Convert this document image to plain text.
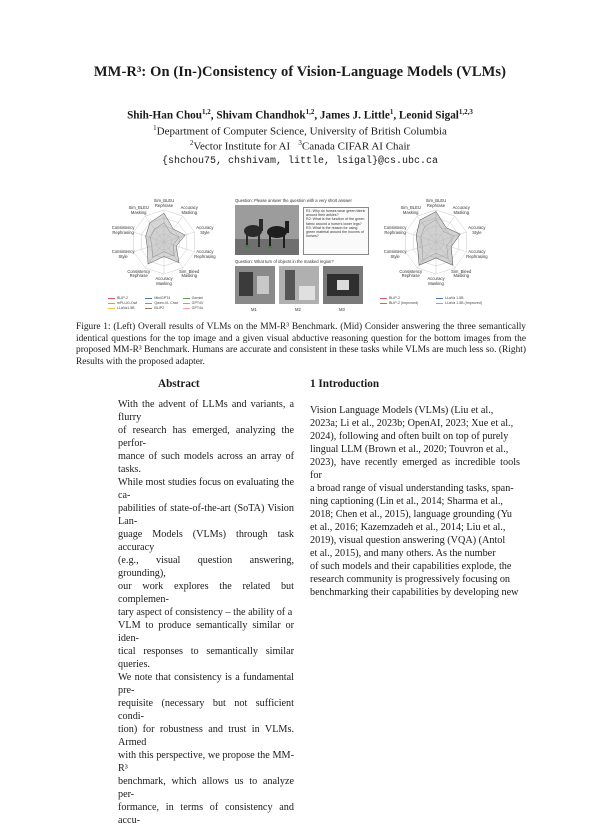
MM-R³: On (In-)Consistency of Vision-Language Models (VLMs)
Shih-Han Chou$^{1,2}$, Shivam Chandhok$^{1,2}$, James J. Little$^1$, Leonid Sigal$^{1,2,3}$
$^1$Department of Computer Science, University of British Columbia
$^2$Vector Institute for AI $^3$Canada CIFAR AI Chair
{shchou75, chshivam, little, lsigal}@cs.ubc.ca
Sim_BLEU
Rephrase
Accuracy
Masking
Accuracy
Style
Accuracy
Rephrasing
Sim_Bleed
Masking
Accuracy
Masking
Consistency
Rephrase
Consistency
Style
Consistency
Rephrasing
Sim_BLEU
Masking
BLIP-2	MiniGPT4	Gemini
mPLUG-Owl	Qwen-VL Chat	GPT4V
LLaVa1.5B	BLIP2	GPT4o
Question: Please answer the question with a very short answer
R1: Why do horses wear green fabric around their ankles?
R2: What is the function of the green fabric around a horse's lower legs?
R3: What is the reason for using green material around the hooves of horses?
Question: What turn of objects in the masked region?
M1	M2	M3
Sim_BLEU
Rephrase
Accuracy
Masking
Accuracy
Style
Accuracy
Rephrasing
Sim_Bleed
Masking
Accuracy
Masking
Consistency
Rephrase
Consistency
Style
Consistency
Rephrasing
Sim_BLEU
Masking
BLIP-2	LLaVa 1.5B
BLIP-2 (Improved)	LLaVa 1.5B (Improved)
Figure 1: (Left) Overall results of VLMs on the MM-R³ Benchmark. (Mid) Consider answering the three semantically identical questions for the top image and a given visual abductive reasoning question for the bottom images from the proposed MM-R³ Benchmark. Humans are accurate and consistent in these tasks while VLMs are much less so. (Right) Results with the proposed adapter.
Abstract
With the advent of LLMs and variants, a flurry
of research has emerged, analyzing the perfor-
mance of such models across an array of tasks.
While most studies focus on evaluating the ca-
pabilities of state-of-the-art (SoTA) Vision Lan-
guage Models (VLMs) through task accuracy
(e.g., visual question answering, grounding),
our work explores the related but complemen-
tary aspect of consistency – the ability of a
VLM to produce semantically similar or iden-
tical responses to semantically similar queries.
We note that consistency is a fundamental pre-
requisite (necessary but not sufficient condi-
tion) for robustness and trust in VLMs. Armed
with this perspective, we propose the MM-R³
benchmark, which allows us to analyze per-
formance, in terms of consistency and accu-
1 Introduction
Vision Language Models (VLMs) (Liu et al.,
2023a; Li et al., 2023b; OpenAI, 2023; Xue et al.,
2024), following and often built on top of purely
lingual LLM (Brown et al., 2020; Touvron et al.,
2023), have recently emerged as incredible tools for
a broad range of visual understanding tasks, span-
ning captioning (Lin et al., 2014; Sharma et al.,
2018; Chen et al., 2015), language grounding (Yu
et al., 2016; Kazemzadeh et al., 2014; Liu et al.,
2019), visual question answering (VQA) (Antol
et al., 2015), and many others. As the number
of such models and their capabilities explode, the
research community is progressively focusing on
benchmarking their capabilities by developing new
